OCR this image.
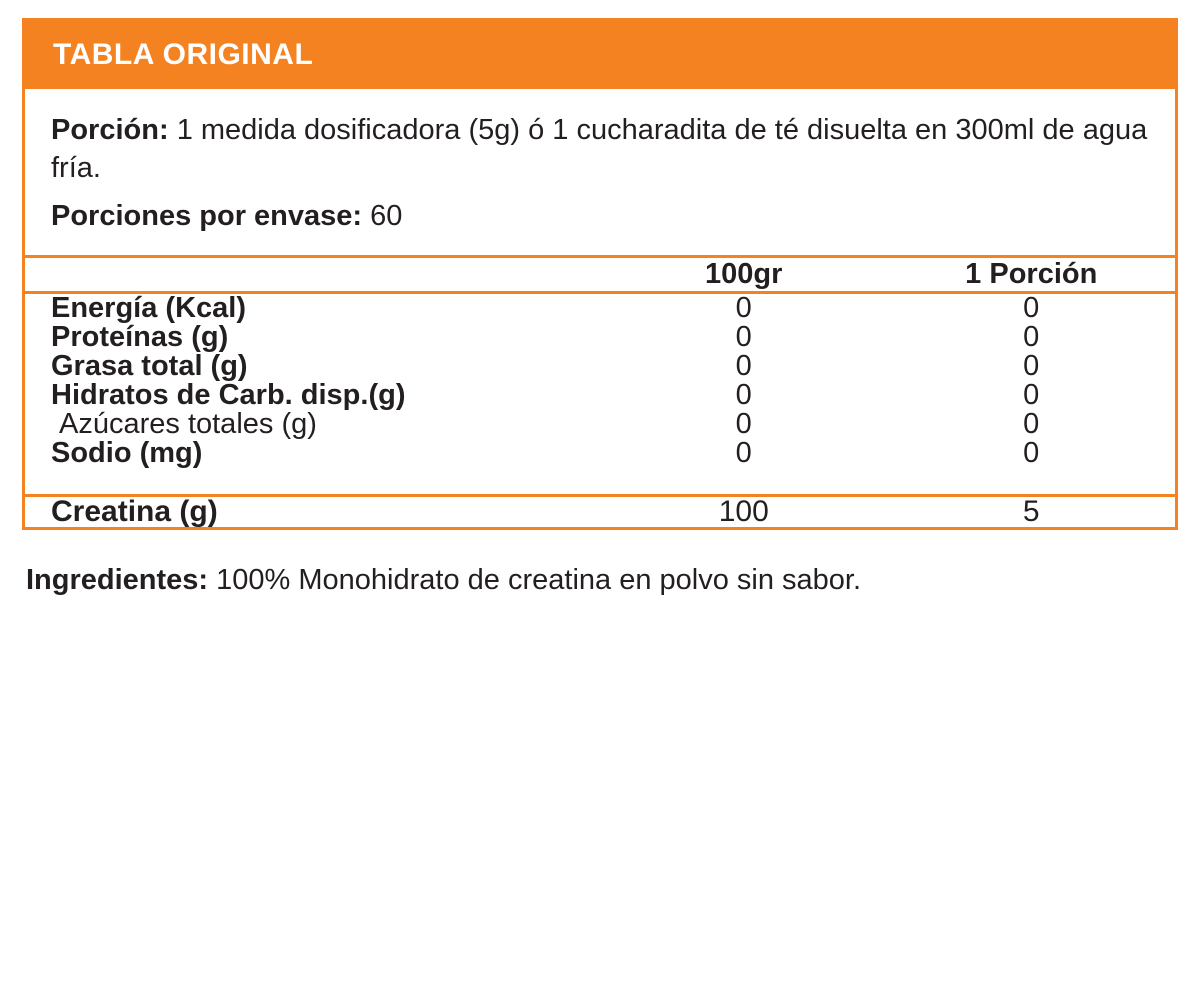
TABLA ORIGINAL
Porción: 1 medida dosificadora (5g) ó 1 cucharadita de té disuelta en 300ml de agua fría.
Porciones por envase: 60
	100gr	1 Porción

Energía (Kcal)	0	0
Proteínas (g)	0	0
Grasa total (g)	0	0
Hidratos de Carb. disp.(g)	0	0
Azúcares totales (g)	0	0
Sodio (mg)	0	0

Creatina (g)	100	5
Ingredientes: 100% Monohidrato de creatina en polvo sin sabor.
